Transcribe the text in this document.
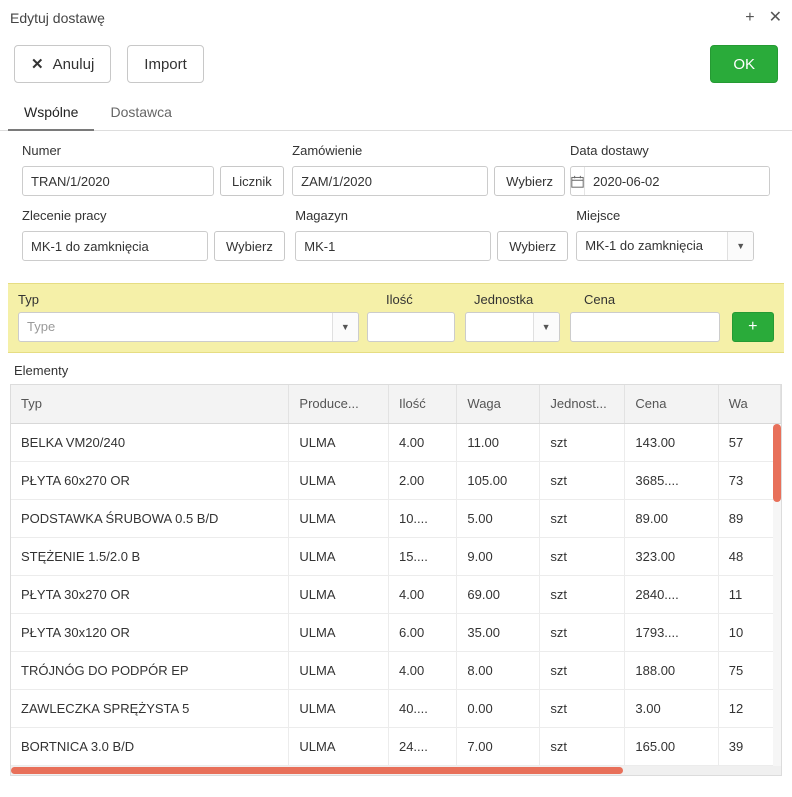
Edytuj dostawę	+ ✕
✕ Anuluj	Import	OK
Wspólne	Dostawca
Numer
TRAN/1/2020
Licznik
Zamówienie
ZAM/1/2020
Wybierz
Data dostawy
2020-06-02
Zlecenie pracy
MK-1 do zamknięcia
Wybierz
Magazyn
MK-1
Wybierz
Miejsce
MK-1 do zamknięcia	▼
Typ	Ilość	Jednostka	Cena
Type	▼	▼	+
Elementy
Typ	Produce...	Ilość	Waga	Jednost...	Cena	Wa
BELKA VM20/240	ULMA	4.00	11.00	szt	143.00	57
PŁYTA 60x270 OR	ULMA	2.00	105.00	szt	3685....	73
PODSTAWKA ŚRUBOWA 0.5 B/D	ULMA	10....	5.00	szt	89.00	89
STĘŻENIE 1.5/2.0 B	ULMA	15....	9.00	szt	323.00	48
PŁYTA 30x270 OR	ULMA	4.00	69.00	szt	2840....	11
PŁYTA 30x120 OR	ULMA	6.00	35.00	szt	1793....	10
TRÓJNÓG DO PODPÓR EP	ULMA	4.00	8.00	szt	188.00	75
ZAWLECZKA SPRĘŻYSTA 5	ULMA	40....	0.00	szt	3.00	12
BORTNICA 3.0 B/D	ULMA	24....	7.00	szt	165.00	39
